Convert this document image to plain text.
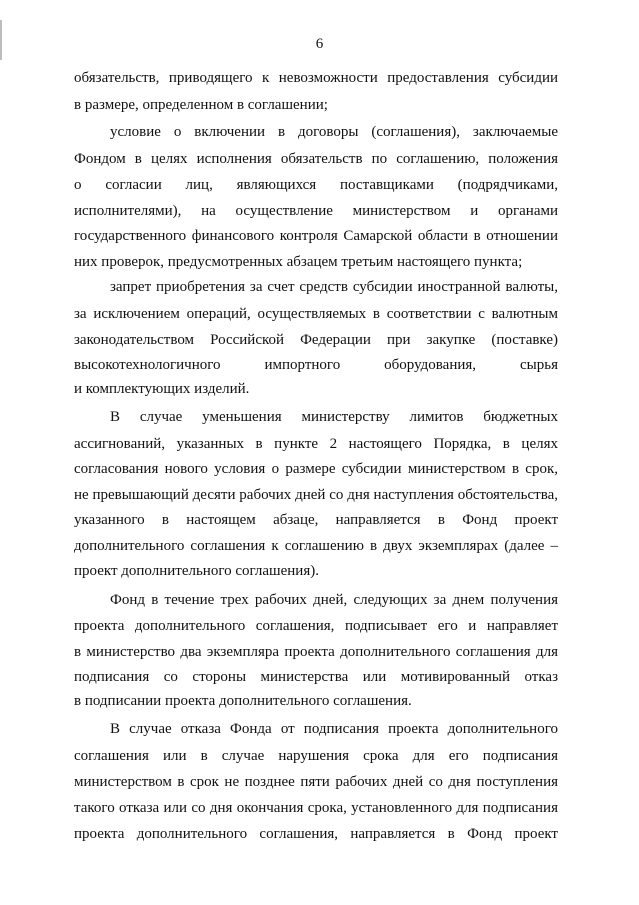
6
обязательств, приводящего к невозможности предоставления субсидии
в размере, определенном в соглашении;
условие о включении в договоры (соглашения), заключаемые
Фондом в целях исполнения обязательств по соглашению, положения
о согласии лиц, являющихся поставщиками (подрядчиками,
исполнителями), на осуществление министерством и органами
государственного финансового контроля Самарской области в отношении
них проверок, предусмотренных абзацем третьим настоящего пункта;
запрет приобретения за счет средств субсидии иностранной валюты,
за исключением операций, осуществляемых в соответствии с валютным
законодательством Российской Федерации при закупке (поставке)
высокотехнологичного импортного оборудования, сырья
и комплектующих изделий.
В случае уменьшения министерству лимитов бюджетных
ассигнований, указанных в пункте 2 настоящего Порядка, в целях
согласования нового условия о размере субсидии министерством в срок,
не превышающий десяти рабочих дней со дня наступления обстоятельства,
указанного в настоящем абзаце, направляется в Фонд проект
дополнительного соглашения к соглашению в двух экземплярах (далее –
проект дополнительного соглашения).
Фонд в течение трех рабочих дней, следующих за днем получения
проекта дополнительного соглашения, подписывает его и направляет
в министерство два экземпляра проекта дополнительного соглашения для
подписания со стороны министерства или мотивированный отказ
в подписании проекта дополнительного соглашения.
В случае отказа Фонда от подписания проекта дополнительного
соглашения или в случае нарушения срока для его подписания
министерством в срок не позднее пяти рабочих дней со дня поступления
такого отказа или со дня окончания срока, установленного для подписания
проекта дополнительного соглашения, направляется в Фонд проект
